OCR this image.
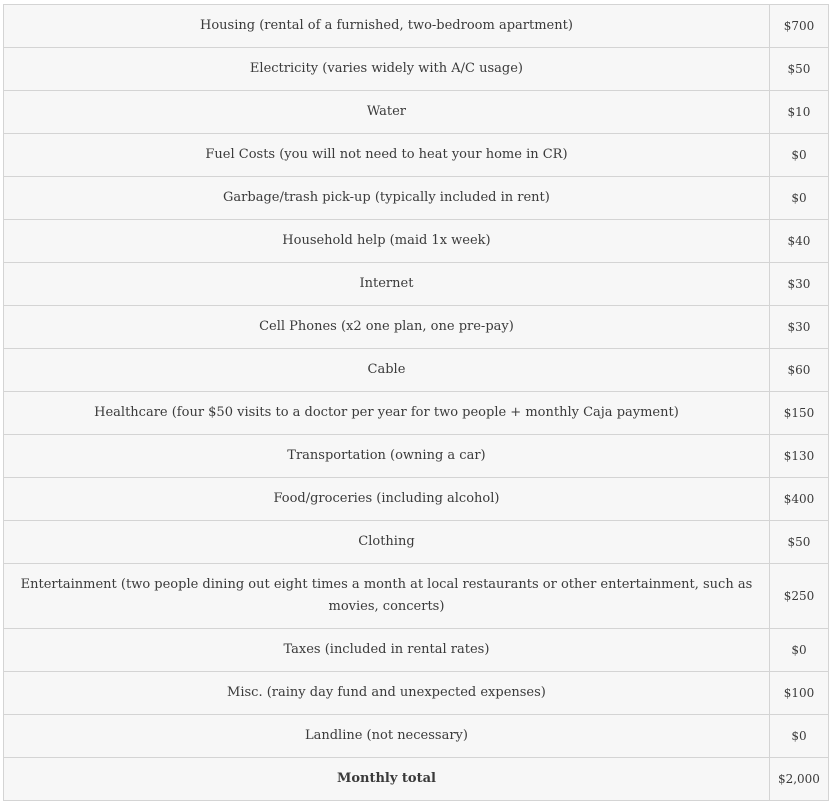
Housing (rental of a furnished, two-bedroom apartment)	$700
Electricity (varies widely with A/C usage)	$50
Water	$10
Fuel Costs (you will not need to heat your home in CR)	$0
Garbage/trash pick-up (typically included in rent)	$0
Household help (maid 1x week)	$40
Internet	$30
Cell Phones (x2 one plan, one pre-pay)	$30
Cable	$60
Healthcare (four $50 visits to a doctor per year for two people + monthly Caja payment)	$150
Transportation (owning a car)	$130
Food/groceries (including alcohol)	$400
Clothing	$50
Entertainment (two people dining out eight times a month at local restaurants or other entertainment, such as movies, concerts)	$250
Taxes (included in rental rates)	$0
Misc. (rainy day fund and unexpected expenses)	$100
Landline (not necessary)	$0
Monthly total	$2,000
